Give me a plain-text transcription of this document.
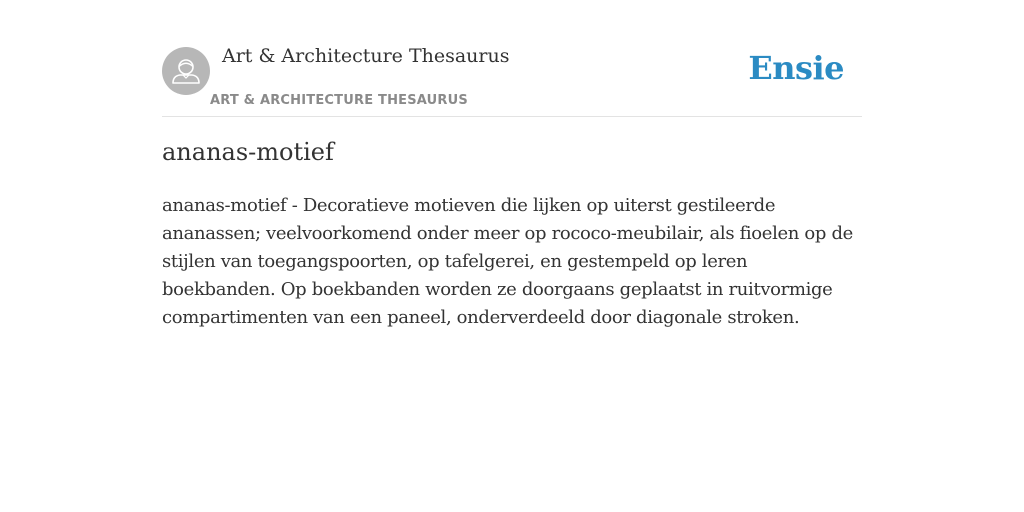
Art & Architecture Thesaurus
ART & ARCHITECTURE THESAURUS
Ensie
ananas-motief

ananas-motief - Decoratieve motieven die lijken op uiterst gestileerde ananassen; veelvoorkomend onder meer op rococo-meubilair, als fioelen op de stijlen van toegangspoorten, op tafelgerei, en gestempeld op leren boekbanden. Op boekbanden worden ze doorgaans geplaatst in ruitvormige compartimenten van een paneel, onderverdeeld door diagonale stroken.
